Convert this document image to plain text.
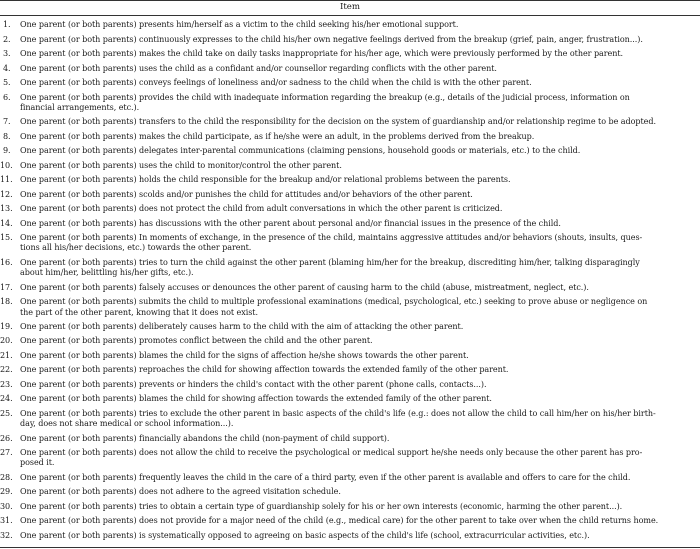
Item
1.	One parent (or both parents) presents him/herself as a victim to the child seeking his/her emotional support.
2.	One parent (or both parents) continuously expresses to the child his/her own negative feelings derived from the breakup (grief, pain, anger, frustration...).
3.	One parent (or both parents) makes the child take on daily tasks inappropriate for his/her age, which were previously performed by the other parent.
4.	One parent (or both parents) uses the child as a confidant and/or counsellor regarding conflicts with the other parent.
5.	One parent (or both parents) conveys feelings of loneliness and/or sadness to the child when the child is with the other parent.
6.	One parent (or both parents) provides the child with inadequate information regarding the breakup (e.g., details of the judicial process, information on
financial arrangements, etc.).
7.	One parent (or both parents) transfers to the child the responsibility for the decision on the system of guardianship and/or relationship regime to be adopted.
8.	One parent (or both parents) makes the child participate, as if he/she were an adult, in the problems derived from the breakup.
9.	One parent (or both parents) delegates inter-parental communications (claiming pensions, household goods or materials, etc.) to the child.
10. One parent (or both parents) uses the child to monitor/control the other parent.
11. One parent (or both parents) holds the child responsible for the breakup and/or relational problems between the parents.
12. One parent (or both parents) scolds and/or punishes the child for attitudes and/or behaviors of the other parent.
13. One parent (or both parents) does not protect the child from adult conversations in which the other parent is criticized.
14. One parent (or both parents) has discussions with the other parent about personal and/or financial issues in the presence of the child.
15. One parent (or both parents) In moments of exchange, in the presence of the child, maintains aggressive attitudes and/or behaviors (shouts, insults, ques-
tions all his/her decisions, etc.) towards the other parent.
16. One parent (or both parents) tries to turn the child against the other parent (blaming him/her for the breakup, discrediting him/her, talking disparagingly
about him/her, belittling his/her gifts, etc.).
17. One parent (or both parents) falsely accuses or denounces the other parent of causing harm to the child (abuse, mistreatment, neglect, etc.).
18. One parent (or both parents) submits the child to multiple professional examinations (medical, psychological, etc.) seeking to prove abuse or negligence on
the part of the other parent, knowing that it does not exist.
19. One parent (or both parents) deliberately causes harm to the child with the aim of attacking the other parent.
20. One parent (or both parents) promotes conflict between the child and the other parent.
21. One parent (or both parents) blames the child for the signs of affection he/she shows towards the other parent.
22. One parent (or both parents) reproaches the child for showing affection towards the extended family of the other parent.
23. One parent (or both parents) prevents or hinders the child's contact with the other parent (phone calls, contacts...).
24. One parent (or both parents) blames the child for showing affection towards the extended family of the other parent.
25. One parent (or both parents) tries to exclude the other parent in basic aspects of the child's life (e.g.: does not allow the child to call him/her on his/her birth-
day, does not share medical or school information...).
26. One parent (or both parents) financially abandons the child (non-payment of child support).
27. One parent (or both parents) does not allow the child to receive the psychological or medical support he/she needs only because the other parent has pro-
posed it.
28. One parent (or both parents) frequently leaves the child in the care of a third party, even if the other parent is available and offers to care for the child.
29. One parent (or both parents) does not adhere to the agreed visitation schedule.
30. One parent (or both parents) tries to obtain a certain type of guardianship solely for his or her own interests (economic, harming the other parent...).
31. One parent (or both parents) does not provide for a major need of the child (e.g., medical care) for the other parent to take over when the child returns home.
32. One parent (or both parents) is systematically opposed to agreeing on basic aspects of the child's life (school, extracurricular activities, etc.).
